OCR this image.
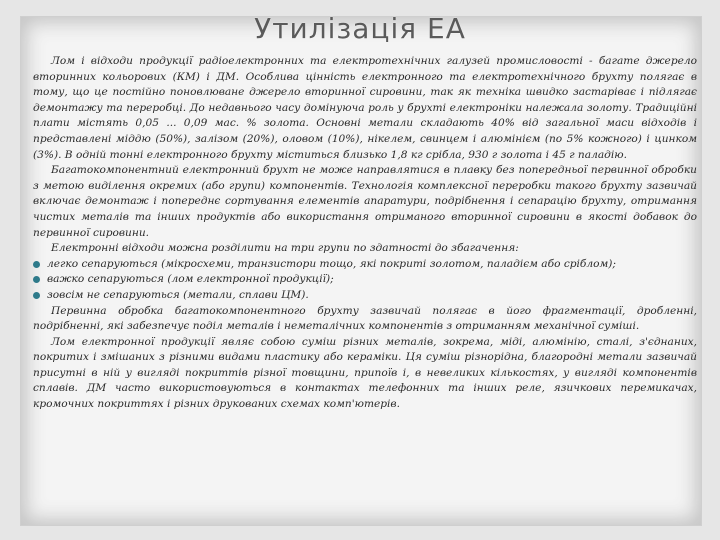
Утилізація ЕА

Лом і відходи продукції радіоелектронних та електротехнічних галузей промисловості - багате джерело вторинних кольорових (КМ) і ДМ. Особлива цінність електронного та електротехнічного брухту полягає в тому, що це постійно поновлюване джерело вторинної сировини, так як техніка швидко застаріває і підлягає демонтажу та переробці. До недавнього часу домінуюча роль у брухті електроніки належала золоту. Традиційні плати містять 0,05 ... 0,09 мас. % золота. Основні метали складають 40% від загальної маси відходів і представлені міддю (50%), залізом (20%), оловом (10%), нікелем, свинцем і алюмінієм (по 5% кожного) і цинком (3%). В одній тонні електронного брухту міститься близько 1,8 кг срібла, 930 г золота і 45 г паладію.

Багатокомпонентний електронний брухт не може направлятися в плавку без попередньої первинної обробки з метою виділення окремих (або групи) компонентів. Технологія комплексної переробки такого брухту зазвичай включає демонтаж і попереднє сортування елементів апаратури, подрібнення і сепарацію брухту, отримання чистих металів та інших продуктів або використання отриманого вторинної сировини в якості добавок до первинної сировини.

Електронні відходи можна розділити на три групи по здатності до збагачення:

легко сепаруються (мікросхеми, транзистори тощо, які покриті золотом, паладієм або сріблом);
важко сепаруються (лом електронної продукції);
зовсім не сепаруються (метали, сплави ЦМ).

Первинна обробка багатокомпонентного брухту зазвичай полягає в його фрагментації, дробленні, подрібненні, які забезпечує поділ металів і неметалічних компонентів з отриманням механічної суміші.

Лом електронної продукції являє собою суміш різних металів, зокрема, міді, алюмінію, сталі, з'єднаних, покритих і змішаних з різними видами пластику або кераміки. Ця суміш різнорідна, благородні метали зазвичай присутні в ній у вигляді покриттів різної товщини, припоїв і, в невеликих кількостях, у вигляді компонентів сплавів. ДМ часто використовуються в контактах телефонних та інших реле, язичкових перемикачах, кромочних покриттях і різних друкованих схемах комп'ютерів.
